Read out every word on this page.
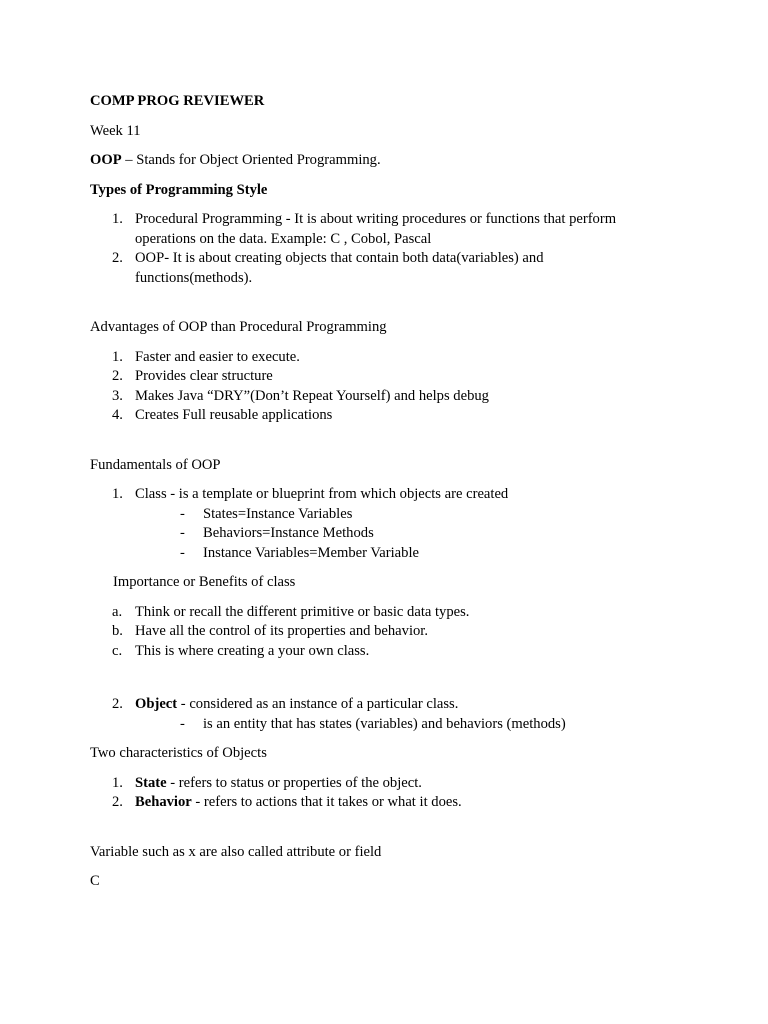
COMP PROG REVIEWER

Week 11

OOP – Stands for Object Oriented Programming.

Types of Programming Style

1. Procedural Programming - It is about writing procedures or functions that perform operations on the data. Example: C , Cobol, Pascal
2. OOP- It is about creating objects that contain both data(variables) and functions(methods).

Advantages of OOP than Procedural Programming

1. Faster and easier to execute.
2. Provides clear structure
3. Makes Java “DRY”(Don’t Repeat Yourself) and helps debug
4. Creates Full reusable applications

Fundamentals of OOP

1. Class - is a template or blueprint from which objects are created
- States=Instance Variables
- Behaviors=Instance Methods
- Instance Variables=Member Variable

Importance or Benefits of class

a. Think or recall the different primitive or basic data types.
b. Have all the control of its properties and behavior.
c. This is where creating a your own class.
2. Object - considered as an instance of a particular class.
- is an entity that has states (variables) and behaviors (methods)

Two characteristics of Objects

1. State - refers to status or properties of the object.
2. Behavior - refers to actions that it takes or what it does.

Variable such as x are also called attribute or field

C
